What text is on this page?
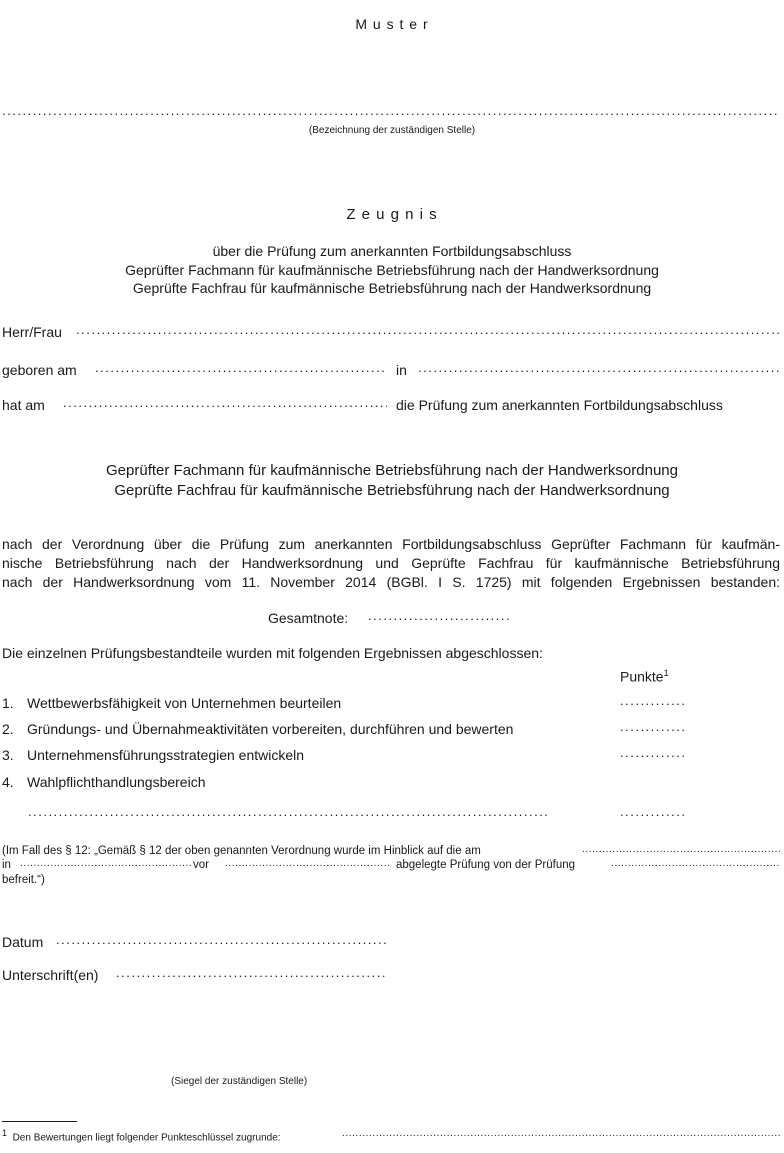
M u s t e r
.....
(Bezeichnung der zuständigen Stelle)
Z e u g n i s
über die Prüfung zum anerkannten Fortbildungsabschluss
Geprüfter Fachmann für kaufmännische Betriebsführung nach der Handwerksordnung
Geprüfte Fachfrau für kaufmännische Betriebsführung nach der Handwerksordnung
Herr/Frau
.....
geboren am .....	in
.....
hat am .....	die Prüfung zum anerkannten Fortbildungsabschluss
Geprüfter Fachmann für kaufmännische Betriebsführung nach der Handwerksordnung
Geprüfte Fachfrau für kaufmännische Betriebsführung nach der Handwerksordnung
nach der Verordnung über die Prüfung zum anerkannten Fortbildungsabschluss Geprüfter Fachmann für kaufmän-
nische Betriebsführung nach der Handwerksordnung und Geprüfte Fachfrau für kaufmännische Betriebsführung
nach der Handwerksordnung vom 11. November 2014 (BGBl. I S. 1725) mit folgenden Ergebnissen bestanden:
Gesamtnote:
.....
Die einzelnen Prüfungsbestandteile wurden mit folgenden Ergebnissen abgeschlossen:
Punkte$^1$
1. Wettbewerbsfähigkeit von Unternehmen beurteilen
.....
2. Gründungs- und Übernahmeaktivitäten vorbereiten, durchführen und bewerten
.....
3. Unternehmensführungsstrategien entwickeln
.....
4. Wahlpflichthandlungsbereich
.....
.....
(Im Fall des § 12: „Gemäß § 12 der oben genannten Verordnung wurde im Hinblick auf die am
.....
in .....	vor .....	abgelegte Prüfung von der Prüfung
.....
befreit.“)
Datum
.....
Unterschrift(en)
.....
(Siegel der zuständigen Stelle)
$^1$ Den Bewertungen liegt folgender Punkteschlüssel zugrunde:
.....
